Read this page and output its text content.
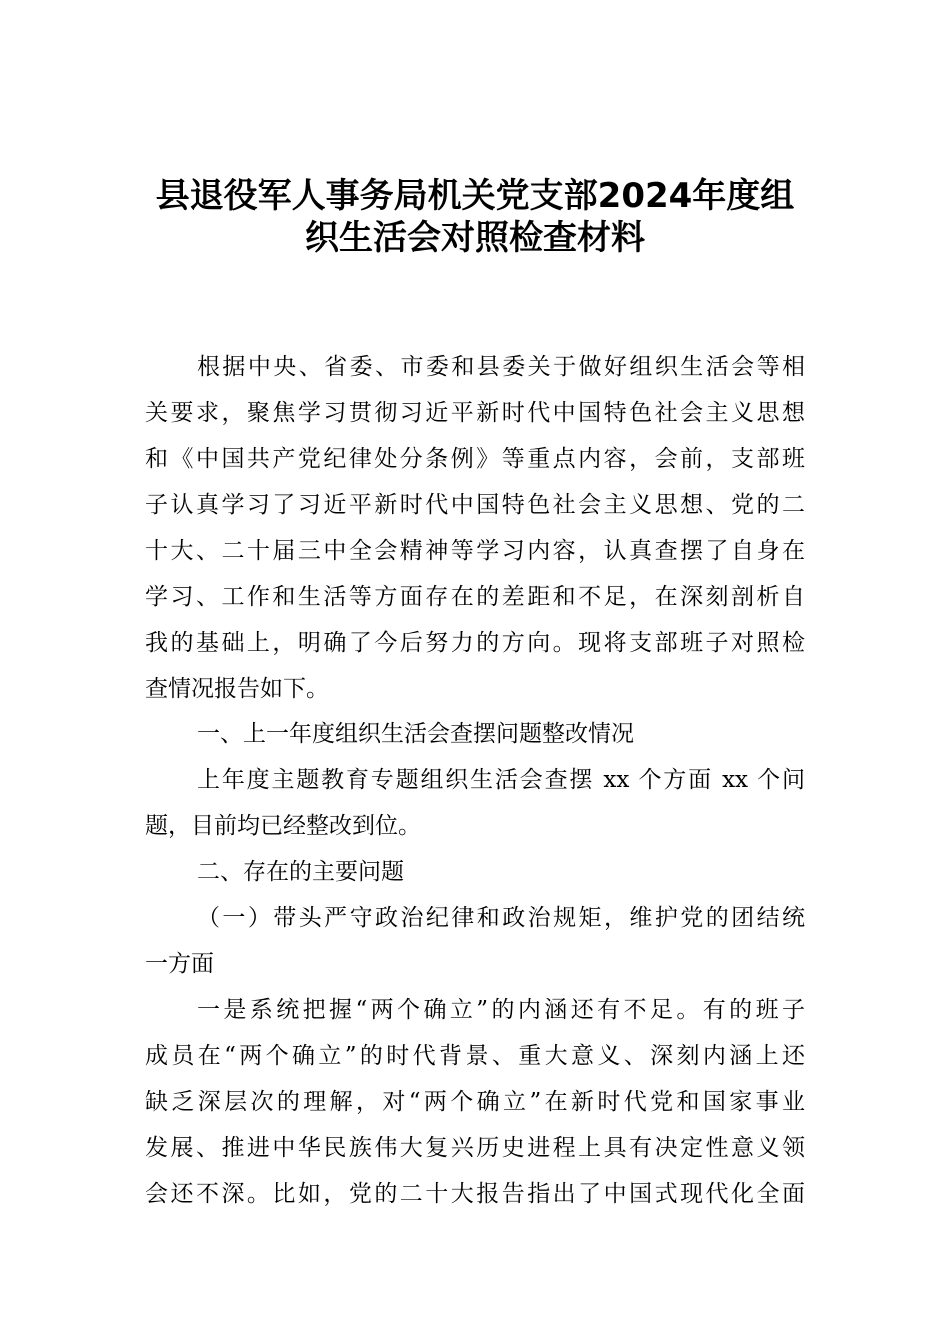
县退役军人事务局机关党支部2024年度组
织生活会对照检查材料

根据中央、省委、市委和县委关于做好组织生活会等相

关要求，聚焦学习贯彻习近平新时代中国特色社会主义思想

和《中国共产党纪律处分条例》等重点内容，会前，支部班

子认真学习了习近平新时代中国特色社会主义思想、党的二

十大、二十届三中全会精神等学习内容，认真查摆了自身在

学习、工作和生活等方面存在的差距和不足，在深刻剖析自

我的基础上，明确了今后努力的方向。现将支部班子对照检

查情况报告如下。

一、上一年度组织生活会查摆问题整改情况

上年度主题教育专题组织生活会查摆 xx 个方面 xx 个问

题，目前均已经整改到位。

二、存在的主要问题

（一）带头严守政治纪律和政治规矩，维护党的团结统

一方面

一是系统把握“两个确立”的内涵还有不足。有的班子

成员在“两个确立”的时代背景、重大意义、深刻内涵上还

缺乏深层次的理解，对“两个确立”在新时代党和国家事业

发展、推进中华民族伟大复兴历史进程上具有决定性意义领

会还不深。比如，党的二十大报告指出了中国式现代化全面
